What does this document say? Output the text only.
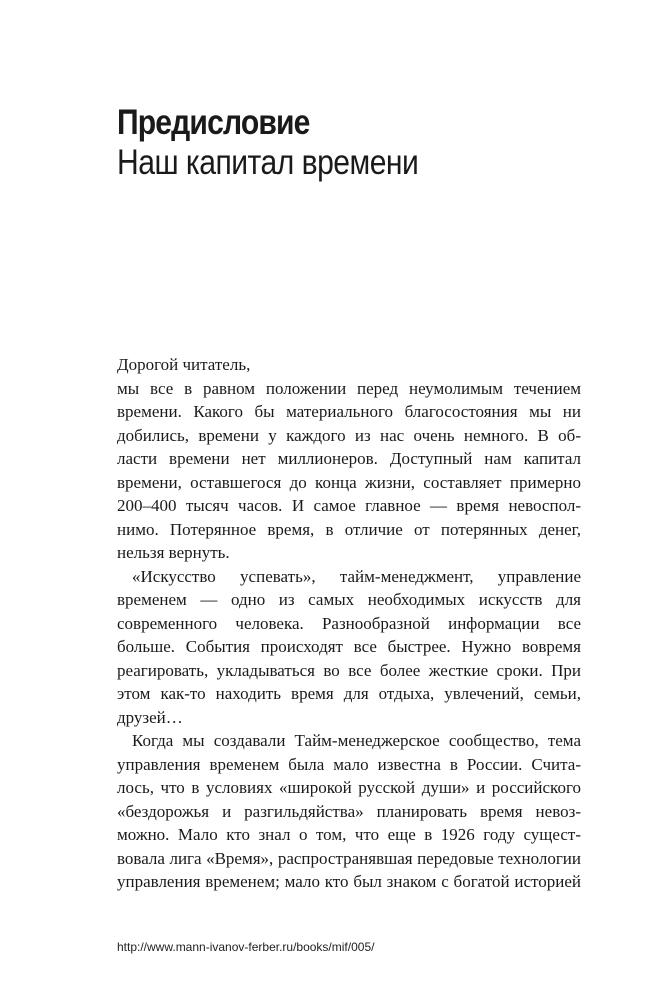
Предисловие
Наш капитал времени
Дорогой читатель,
мы все в равном положении перед неумолимым течением
времени. Какого бы материального благосостояния мы ни
добились, времени у каждого из нас очень немного. В об-
ласти времени нет миллионеров. Доступный нам капитал
времени, оставшегося до конца жизни, составляет примерно
200–400 тысяч часов. И самое главное — время невоспол-
нимо. Потерянное время, в отличие от потерянных денег,
нельзя вернуть.
«Искусство успевать», тайм-менеджмент, управление
временем — одно из самых необходимых искусств для
современного человека. Разнообразной информации все
больше. События происходят все быстрее. Нужно вовремя
реагировать, укладываться во все более жесткие сроки. При
этом как-то находить время для отдыха, увлечений, семьи,
друзей…
Когда мы создавали Тайм-менеджерское сообщество, тема
управления временем была мало известна в России. Счита-
лось, что в условиях «широкой русской души» и российского
«бездорожья и разгильдяйства» планировать время невоз-
можно. Мало кто знал о том, что еще в 1926 году сущест-
вовала лига «Время», распространявшая передовые технологии
управления временем; мало кто был знаком с богатой историей
http://www.mann-ivanov-ferber.ru/books/mif/005/
